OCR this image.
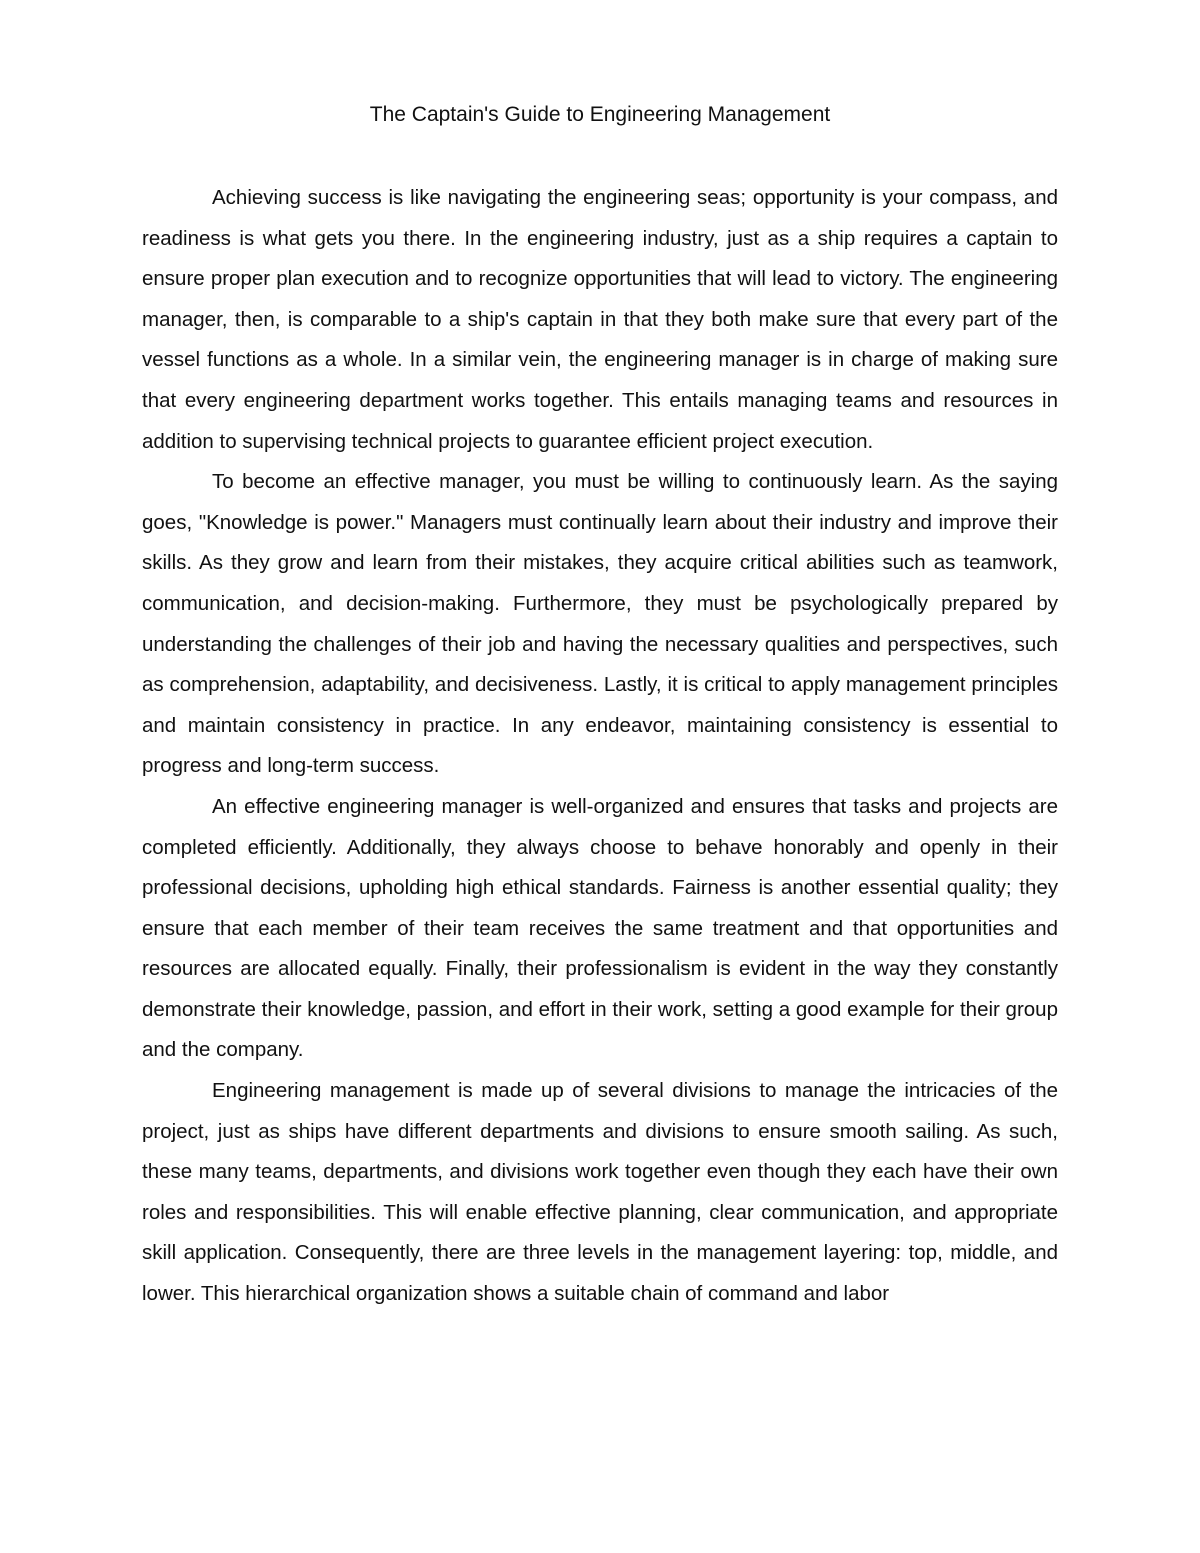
The Captain's Guide to Engineering Management

Achieving success is like navigating the engineering seas; opportunity is your compass, and readiness is what gets you there. In the engineering industry, just as a ship requires a captain to ensure proper plan execution and to recognize opportunities that will lead to victory. The engineering manager, then, is comparable to a ship's captain in that they both make sure that every part of the vessel functions as a whole. In a similar vein, the engineering manager is in charge of making sure that every engineering department works together. This entails managing teams and resources in addition to supervising technical projects to guarantee efficient project execution.

To become an effective manager, you must be willing to continuously learn. As the saying goes, "Knowledge is power." Managers must continually learn about their industry and improve their skills. As they grow and learn from their mistakes, they acquire critical abilities such as teamwork, communication, and decision-making. Furthermore, they must be psychologically prepared by understanding the challenges of their job and having the necessary qualities and perspectives, such as comprehension, adaptability, and decisiveness. Lastly, it is critical to apply management principles and maintain consistency in practice. In any endeavor, maintaining consistency is essential to progress and long-term success.

An effective engineering manager is well-organized and ensures that tasks and projects are completed efficiently. Additionally, they always choose to behave honorably and openly in their professional decisions, upholding high ethical standards. Fairness is another essential quality; they ensure that each member of their team receives the same treatment and that opportunities and resources are allocated equally. Finally, their professionalism is evident in the way they constantly demonstrate their knowledge, passion, and effort in their work, setting a good example for their group and the company.

Engineering management is made up of several divisions to manage the intricacies of the project, just as ships have different departments and divisions to ensure smooth sailing. As such, these many teams, departments, and divisions work together even though they each have their own roles and responsibilities. This will enable effective planning, clear communication, and appropriate skill application. Consequently, there are three levels in the management layering: top, middle, and lower. This hierarchical organization shows a suitable chain of command and labor
